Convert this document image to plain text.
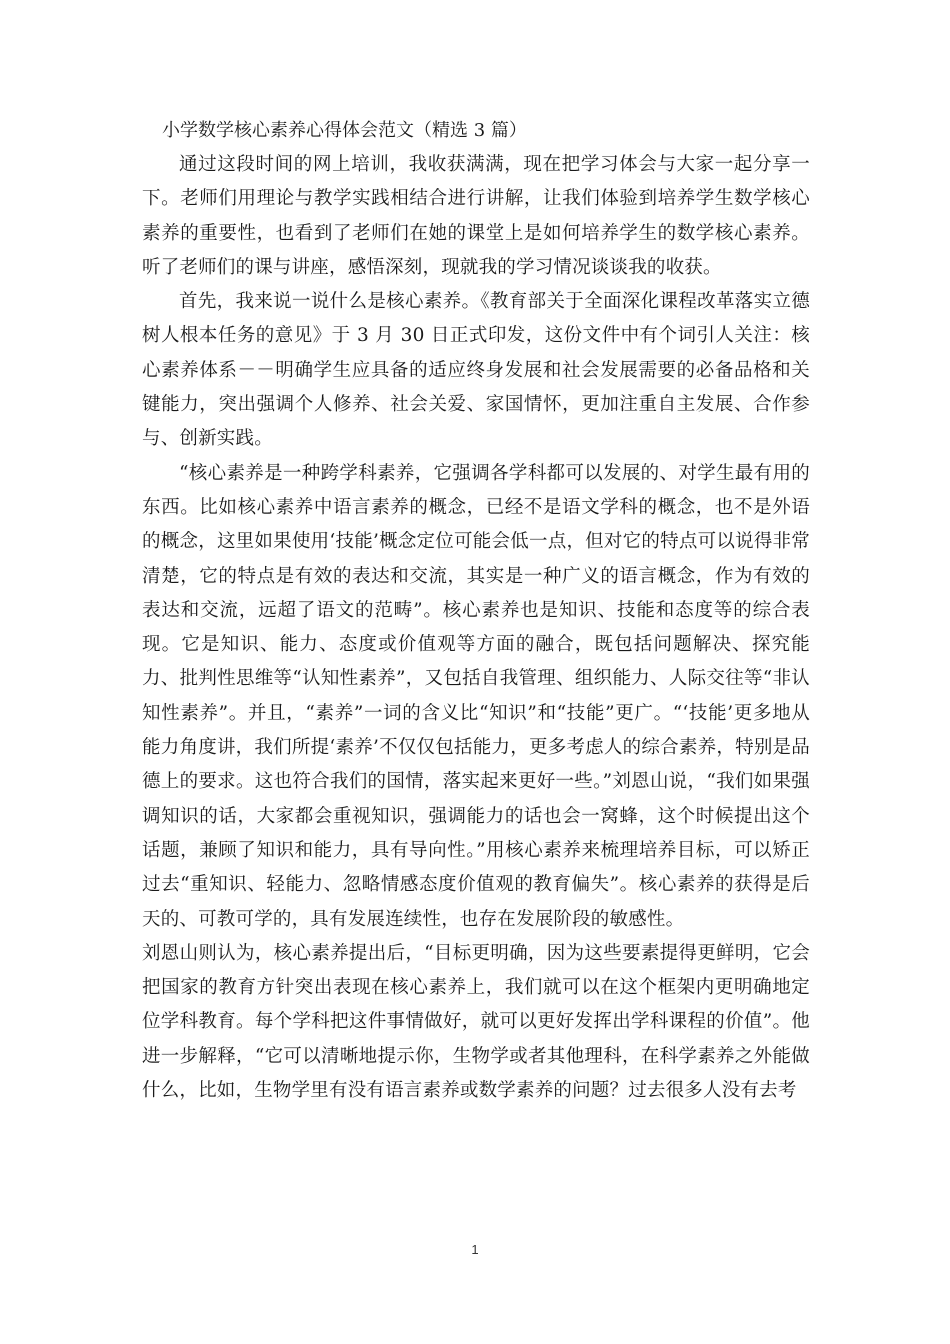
小学数学核心素养心得体会范文（精选 3 篇）

通过这段时间的网上培训，我收获满满，现在把学习体会与大家一起分享一下。老师们用理论与教学实践相结合进行讲解，让我们体验到培养学生数学核心素养的重要性，也看到了老师们在她的课堂上是如何培养学生的数学核心素养。听了老师们的课与讲座，感悟深刻，现就我的学习情况谈谈我的收获。

首先，我来说一说什么是核心素养。《教育部关于全面深化课程改革落实立德树人根本任务的意见》于 3 月 30 日正式印发，这份文件中有个词引人关注：核心素养体系－－明确学生应具备的适应终身发展和社会发展需要的必备品格和关键能力，突出强调个人修养、社会关爱、家国情怀，更加注重自主发展、合作参与、创新实践。

“核心素养是一种跨学科素养，它强调各学科都可以发展的、对学生最有用的东西。比如核心素养中语言素养的概念，已经不是语文学科的概念，也不是外语的概念，这里如果使用‘技能’概念定位可能会低一点，但对它的特点可以说得非常清楚，它的特点是有效的表达和交流，其实是一种广义的语言概念，作为有效的表达和交流，远超了语文的范畴”。核心素养也是知识、技能和态度等的综合表现。它是知识、能力、态度或价值观等方面的融合，既包括问题解决、探究能力、批判性思维等“认知性素养”，又包括自我管理、组织能力、人际交往等“非认知性素养”。并且，“素养”一词的含义比“知识”和“技能”更广。“‘技能’更多地从能力角度讲，我们所提‘素养’不仅仅包括能力，更多考虑人的综合素养，特别是品德上的要求。这也符合我们的国情，落实起来更好一些。”刘恩山说，“我们如果强调知识的话，大家都会重视知识，强调能力的话也会一窝蜂，这个时候提出这个话题，兼顾了知识和能力，具有导向性。”用核心素养来梳理培养目标，可以矫正过去“重知识、轻能力、忽略情感态度价值观的教育偏失”。核心素养的获得是后天的、可教可学的，具有发展连续性，也存在发展阶段的敏感性。

刘恩山则认为，核心素养提出后，“目标更明确，因为这些要素提得更鲜明，它会把国家的教育方针突出表现在核心素养上，我们就可以在这个框架内更明确地定位学科教育。每个学科把这件事情做好，就可以更好发挥出学科课程的价值”。他进一步解释，“它可以清晰地提示你，生物学或者其他理科，在科学素养之外能做什么，比如，生物学里有没有语言素养或数学素养的问题？过去很多人没有去考

1
